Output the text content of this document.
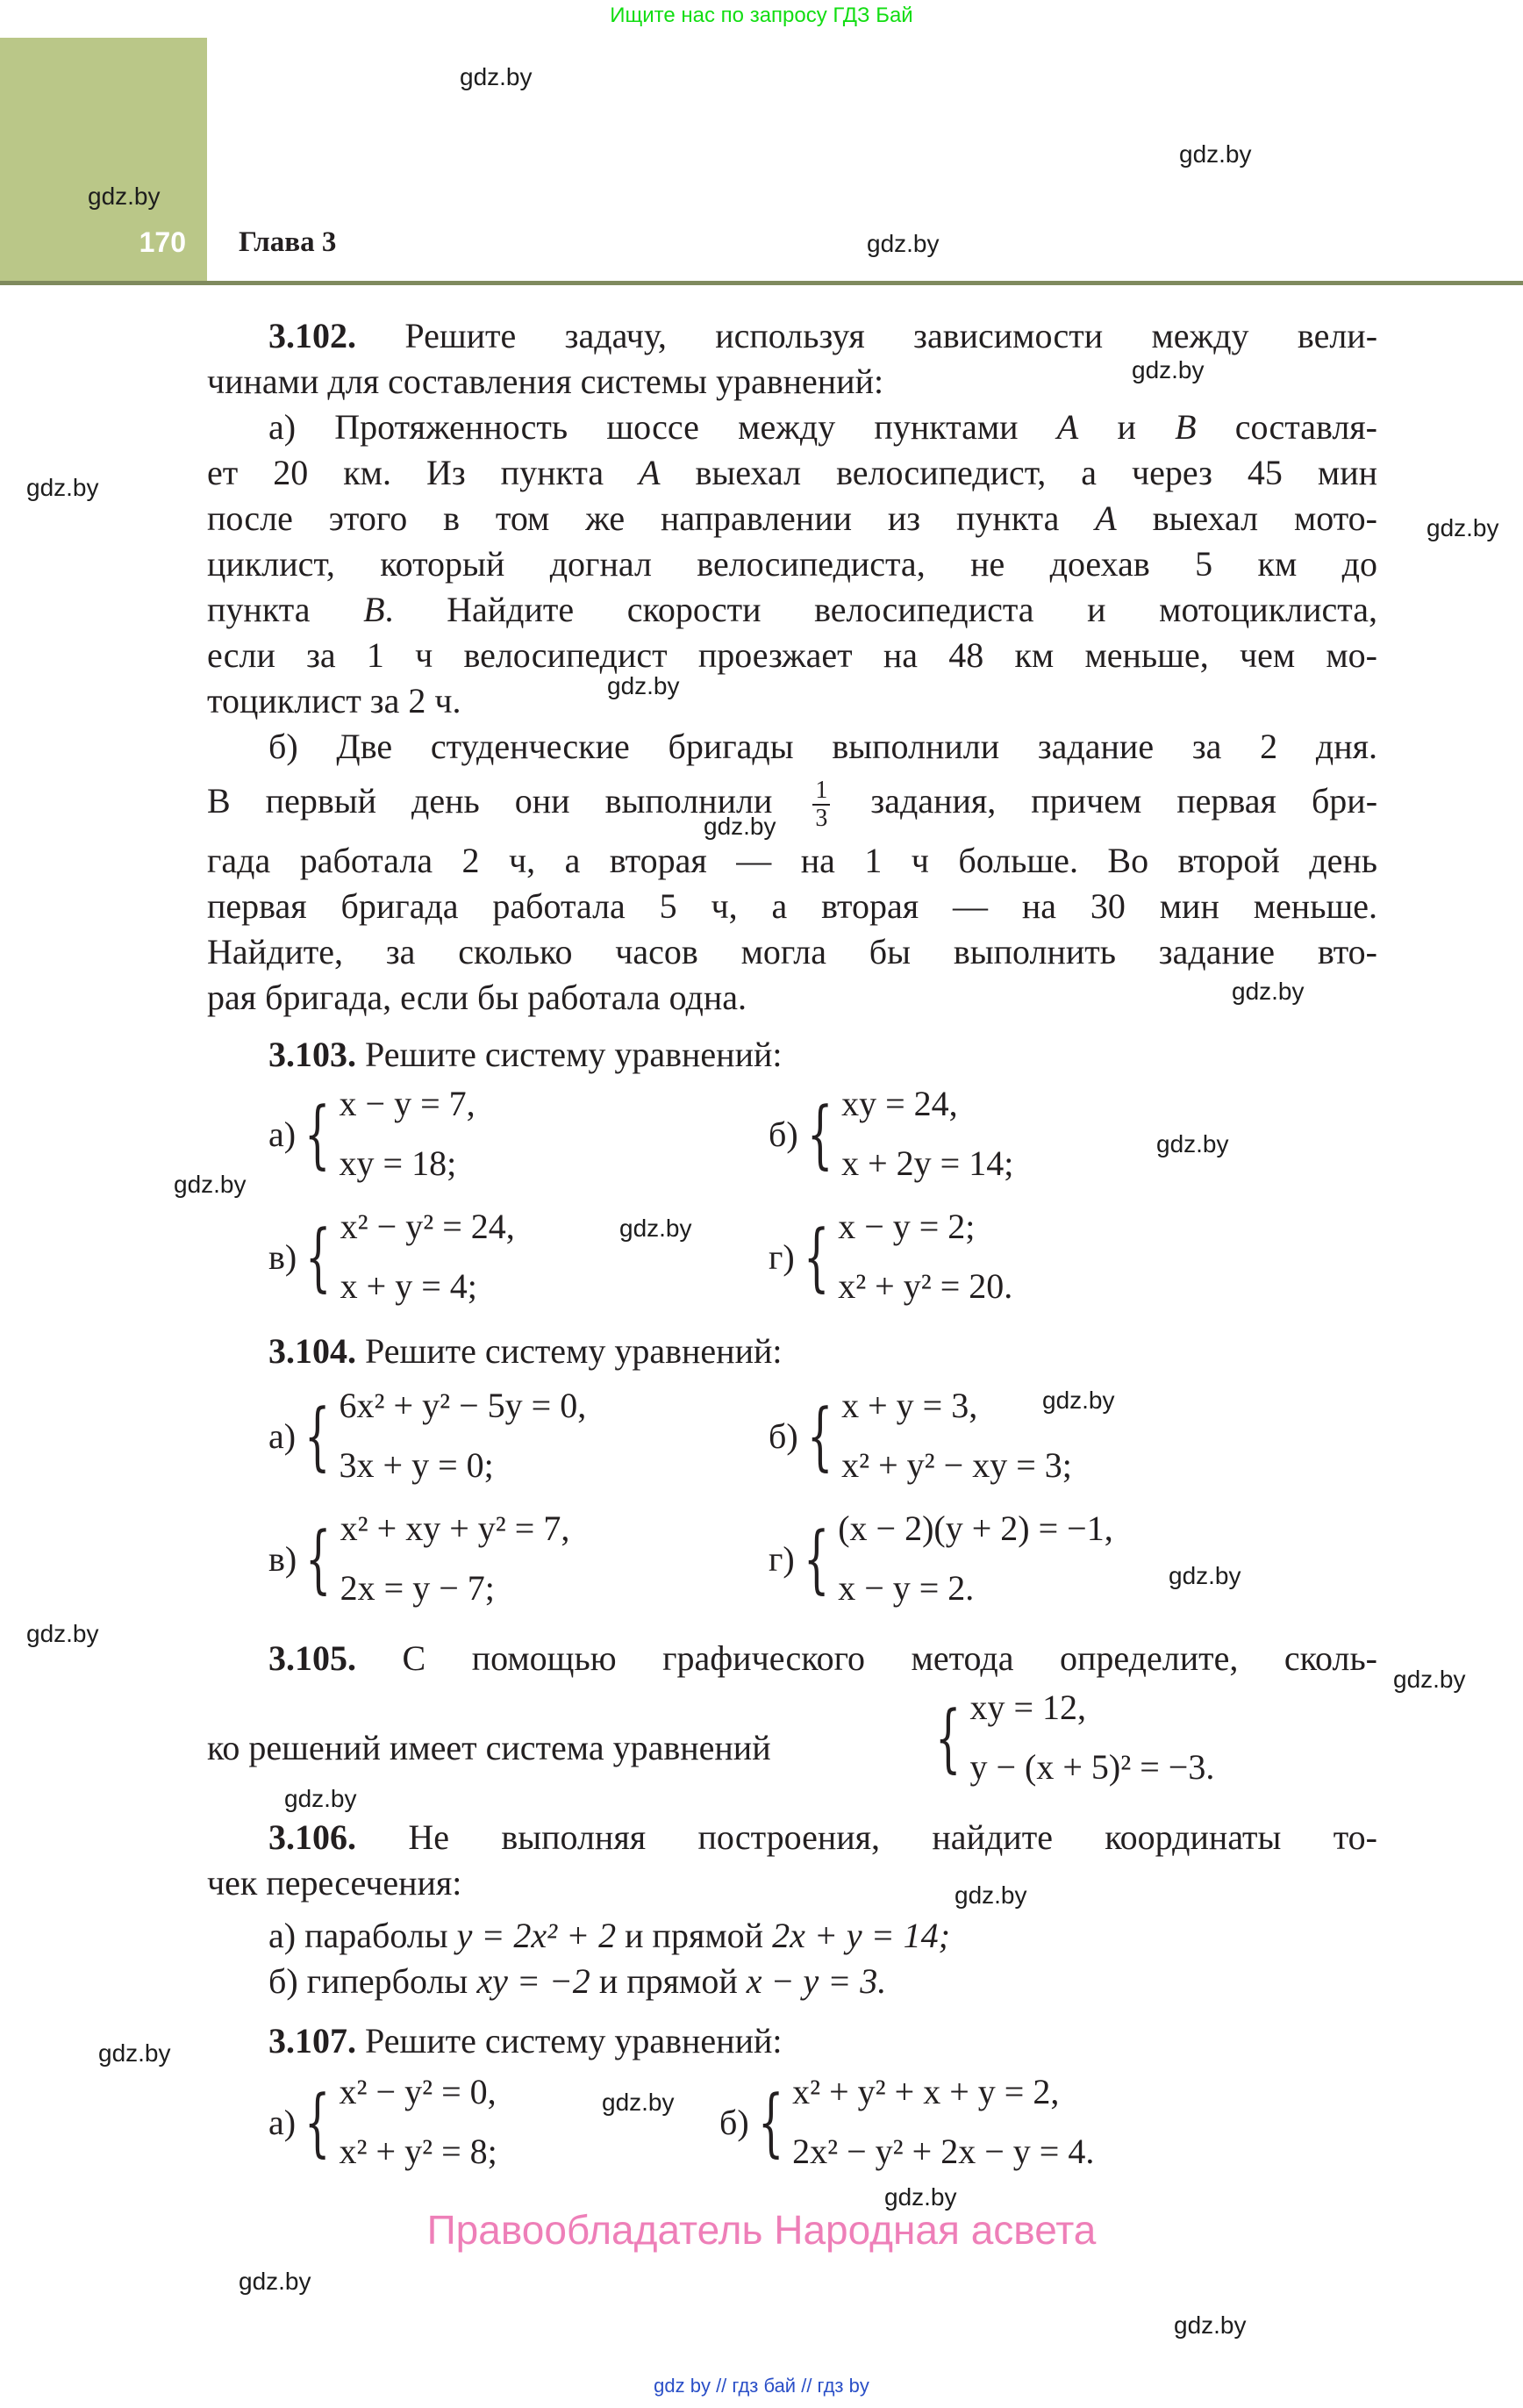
Ищите нас по запросу ГДЗ Бай
170 Глава 3
gdz.by
gdz.by
gdz.by
gdz.by
gdz.by
gdz.by
gdz.by
gdz.by
gdz.by
gdz.by
gdz.by
gdz.by
gdz.by
gdz.by
gdz.by
gdz.by
gdz.by
gdz.by
gdz.by
gdz.by
gdz.by
gdz.by
gdz.by
gdz.by
3.102. Решите задачу, используя зависимости между вели-
чинами для составления системы уравнений:
а) Протяженность шоссе между пунктами A и B составля-
ет 20 км. Из пункта A выехал велосипедист, а через 45 мин
после этого в том же направлении из пункта A выехал мото-
циклист, который догнал велосипедиста, не доехав 5 км до
пункта B. Найдите скорости велосипедиста и мотоциклиста,
если за 1 ч велосипедист проезжает на 48 км меньше, чем мо-
тоциклист за 2 ч.
б) Две студенческие бригады выполнили задание за 2 дня.
В первый день они выполнили $\frac{1}{3}$ задания, причем первая бри-
гада работала 2 ч, а вторая — на 1 ч больше. Во второй день
первая бригада работала 5 ч, а вторая — на 30 мин меньше.
Найдите, за сколько часов могла бы выполнить задание вто-
рая бригада, если бы работала одна.
3.103. Решите систему уравнений:
а) { x − y = 7,
xy = 18;
б) { xy = 24,
x + 2y = 14;
в) { x² − y² = 24,
x + y = 4;
г) { x − y = 2;
x² + y² = 20.
3.104. Решите систему уравнений:
а) { 6x² + y² − 5y = 0,
3x + y = 0;
б) { x + y = 3,
x² + y² − xy = 3;
в) { x² + xy + y² = 7,
2x = y − 7;
г) { (x − 2)(y + 2) = −1,
x − y = 2.
3.105. С помощью графического метода определите, сколь-
ко решений имеет система уравнений { xy = 12,
y − (x + 5)² = −3.
3.106. Не выполняя построения, найдите координаты то-
чек пересечения:
а) параболы y = 2x² + 2 и прямой 2x + y = 14;
б) гиперболы xy = −2 и прямой x − y = 3.
3.107. Решите систему уравнений:
а) { x² − y² = 0,
x² + y² = 8;
б) { x² + y² + x + y = 2,
2x² − y² + 2x − y = 4.
Правообладатель Народная асвета
gdz by // гдз бай // гдз by
